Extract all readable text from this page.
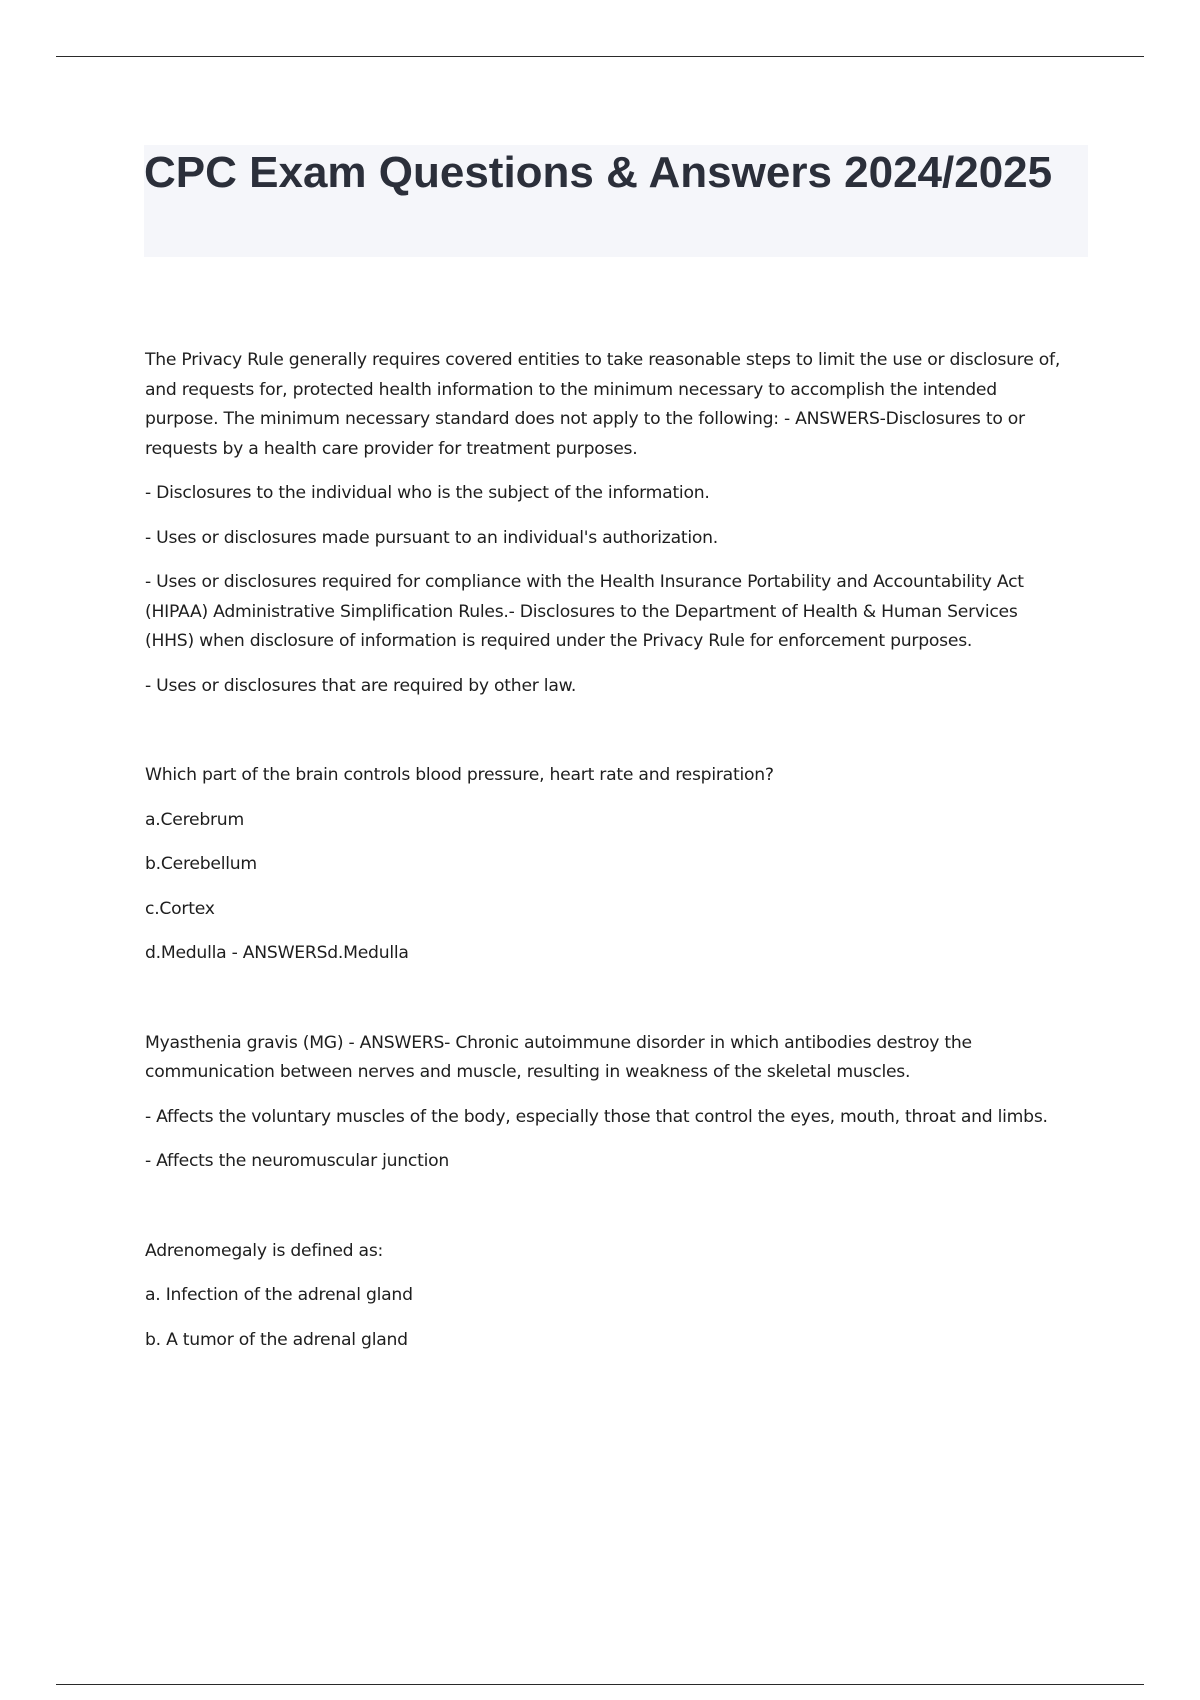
CPC Exam Questions & Answers 2024/2025

The Privacy Rule generally requires covered entities to take reasonable steps to limit the use or disclosure of, and requests for, protected health information to the minimum necessary to accomplish the intended purpose. The minimum necessary standard does not apply to the following: - ANSWERS-Disclosures to or requests by a health care provider for treatment purposes.

- Disclosures to the individual who is the subject of the information.

- Uses or disclosures made pursuant to an individual's authorization.

- Uses or disclosures required for compliance with the Health Insurance Portability and Accountability Act (HIPAA) Administrative Simplification Rules.- Disclosures to the Department of Health & Human Services (HHS) when disclosure of information is required under the Privacy Rule for enforcement purposes.

- Uses or disclosures that are required by other law.

Which part of the brain controls blood pressure, heart rate and respiration?

a.Cerebrum

b.Cerebellum

c.Cortex

d.Medulla - ANSWERSd.Medulla

Myasthenia gravis (MG) - ANSWERS- Chronic autoimmune disorder in which antibodies destroy the communication between nerves and muscle, resulting in weakness of the skeletal muscles.

- Affects the voluntary muscles of the body, especially those that control the eyes, mouth, throat and limbs.

- Affects the neuromuscular junction

Adrenomegaly is defined as:

a. Infection of the adrenal gland

b. A tumor of the adrenal gland
